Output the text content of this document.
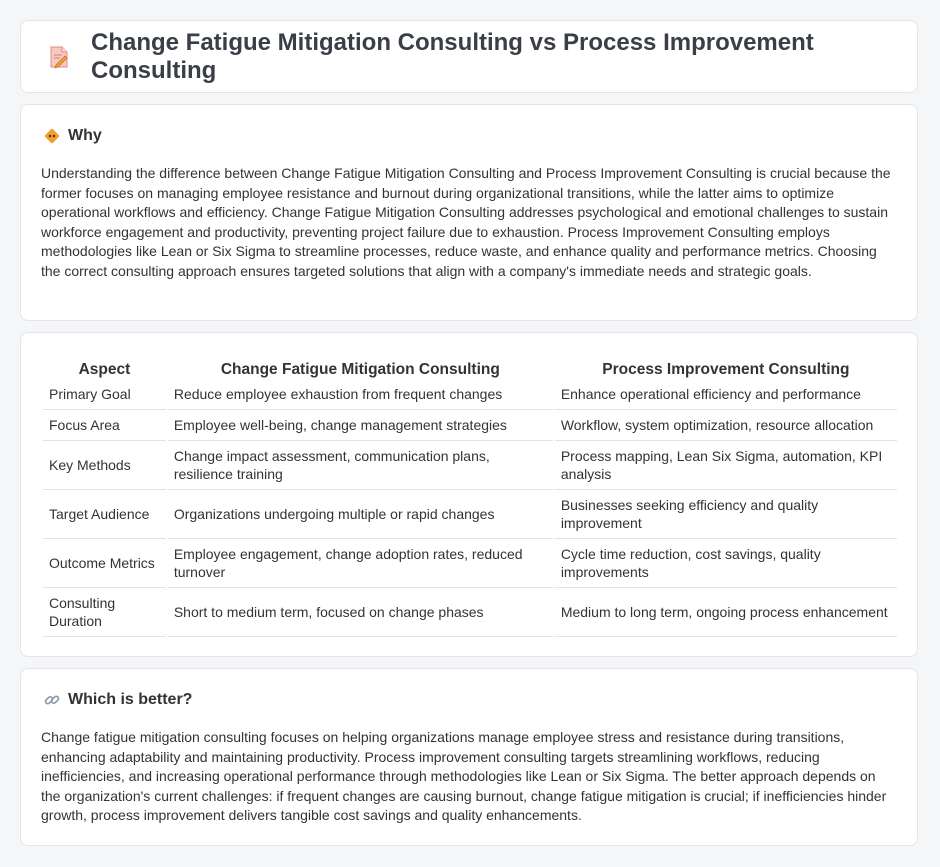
Change Fatigue Mitigation Consulting vs Process Improvement Consulting
Why

Understanding the difference between Change Fatigue Mitigation Consulting and Process Improvement Consulting is crucial because the former focuses on managing employee resistance and burnout during organizational transitions, while the latter aims to optimize operational workflows and efficiency. Change Fatigue Mitigation Consulting addresses psychological and emotional challenges to sustain workforce engagement and productivity, preventing project failure due to exhaustion. Process Improvement Consulting employs methodologies like Lean or Six Sigma to streamline processes, reduce waste, and enhance quality and performance metrics. Choosing the correct consulting approach ensures targeted solutions that align with a company's immediate needs and strategic goals.

Aspect	Change Fatigue Mitigation Consulting	Process Improvement Consulting
Primary Goal	Reduce employee exhaustion from frequent changes	Enhance operational efficiency and performance
Focus Area	Employee well-being, change management strategies	Workflow, system optimization, resource allocation
Key Methods	Change impact assessment, communication plans, resilience training	Process mapping, Lean Six Sigma, automation, KPI analysis
Target Audience	Organizations undergoing multiple or rapid changes	Businesses seeking efficiency and quality improvement
Outcome Metrics	Employee engagement, change adoption rates, reduced turnover	Cycle time reduction, cost savings, quality improvements
Consulting Duration	Short to medium term, focused on change phases	Medium to long term, ongoing process enhancement
Which is better?

Change fatigue mitigation consulting focuses on helping organizations manage employee stress and resistance during transitions, enhancing adaptability and maintaining productivity. Process improvement consulting targets streamlining workflows, reducing inefficiencies, and increasing operational performance through methodologies like Lean or Six Sigma. The better approach depends on the organization's current challenges: if frequent changes are causing burnout, change fatigue mitigation is crucial; if inefficiencies hinder growth, process improvement delivers tangible cost savings and quality enhancements.
